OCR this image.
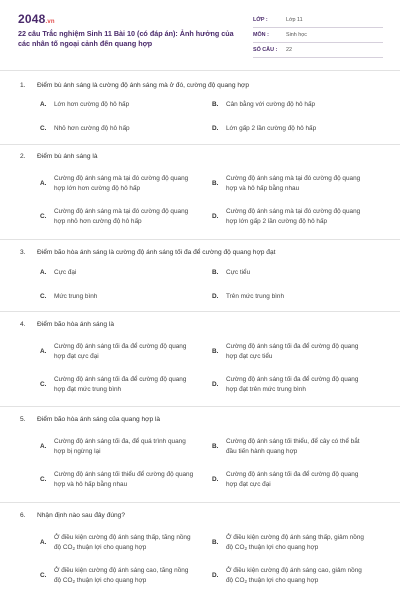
2048.vn
22 câu Trắc nghiệm Sinh 11 Bài 10 (có đáp án): Ảnh hưởng của các nhân tố ngoại cảnh đến quang hợp
LỚP :	Lớp 11
MÔN :	Sinh học
SỐ CÂU : 22
1. Điểm bù ánh sáng là cường độ ánh sáng mà ở đó, cường độ quang hợp
A. Lớn hơn cường độ hô hấp	B. Cân bằng với cường độ hô hấp
C. Nhỏ hơn cường độ hô hấp	D. Lớn gấp 2 lần cường độ hô hấp
2. Điểm bù ánh sáng là
A.
Cường độ ánh sáng mà tại đó cường độ quang hợp lớn hơn cường độ hô hấp
B.
Cường độ ánh sáng mà tại đó cường độ quang hợp và hô hấp bằng nhau
C.
Cường độ ánh sáng mà tại đó cường độ quang hợp nhỏ hơn cường độ hô hấp
D.
Cường độ ánh sáng mà tại đó cường độ quang hợp lớn gấp 2 lần cường độ hô hấp
3. Điểm bão hòa ánh sáng là cường độ ánh sáng tối đa để cường độ quang hợp đạt
A. Cực đại	B. Cực tiểu
C. Mức trung bình	D. Trên mức trung bình
4. Điểm bão hòa ánh sáng là
A.
Cường độ ánh sáng tối đa để cường độ quang hợp đạt cực đại
B.
Cường độ ánh sáng tối đa để cường độ quang hợp đạt cực tiểu
C.
Cường độ ánh sáng tối đa để cường độ quang hợp đạt mức trung bình
D.
Cường độ ánh sáng tối đa để cường độ quang hợp đạt trên mức trung bình
5. Điểm bão hòa ánh sáng của quang hợp là
A.
Cường độ ánh sáng tối đa, để quá trình quang hợp bị ngừng lại
B.
Cường độ ánh sáng tối thiểu, để cây có thể bắt đầu tiến hành quang hợp
C.
Cường độ ánh sáng tối thiểu để cường độ quang hợp và hô hấp bằng nhau
D.
Cường độ ánh sáng tối đa để cường độ quang hợp đạt cực đại
6. Nhận định nào sau đây đúng?
A.
Ở điều kiện cường độ ánh sáng thấp, tăng nồng độ $CO_2$ thuận lợi cho quang hợp
B.
Ở điều kiện cường độ ánh sáng thấp, giảm nồng độ $CO_2$ thuận lợi cho quang hợp
C.
Ở điều kiện cường độ ánh sáng cao, tăng nồng độ $CO_2$ thuận lợi cho quang hợp
D.
Ở điều kiện cường độ ánh sáng cao, giảm nồng độ $CO_2$ thuận lợi cho quang hợp
